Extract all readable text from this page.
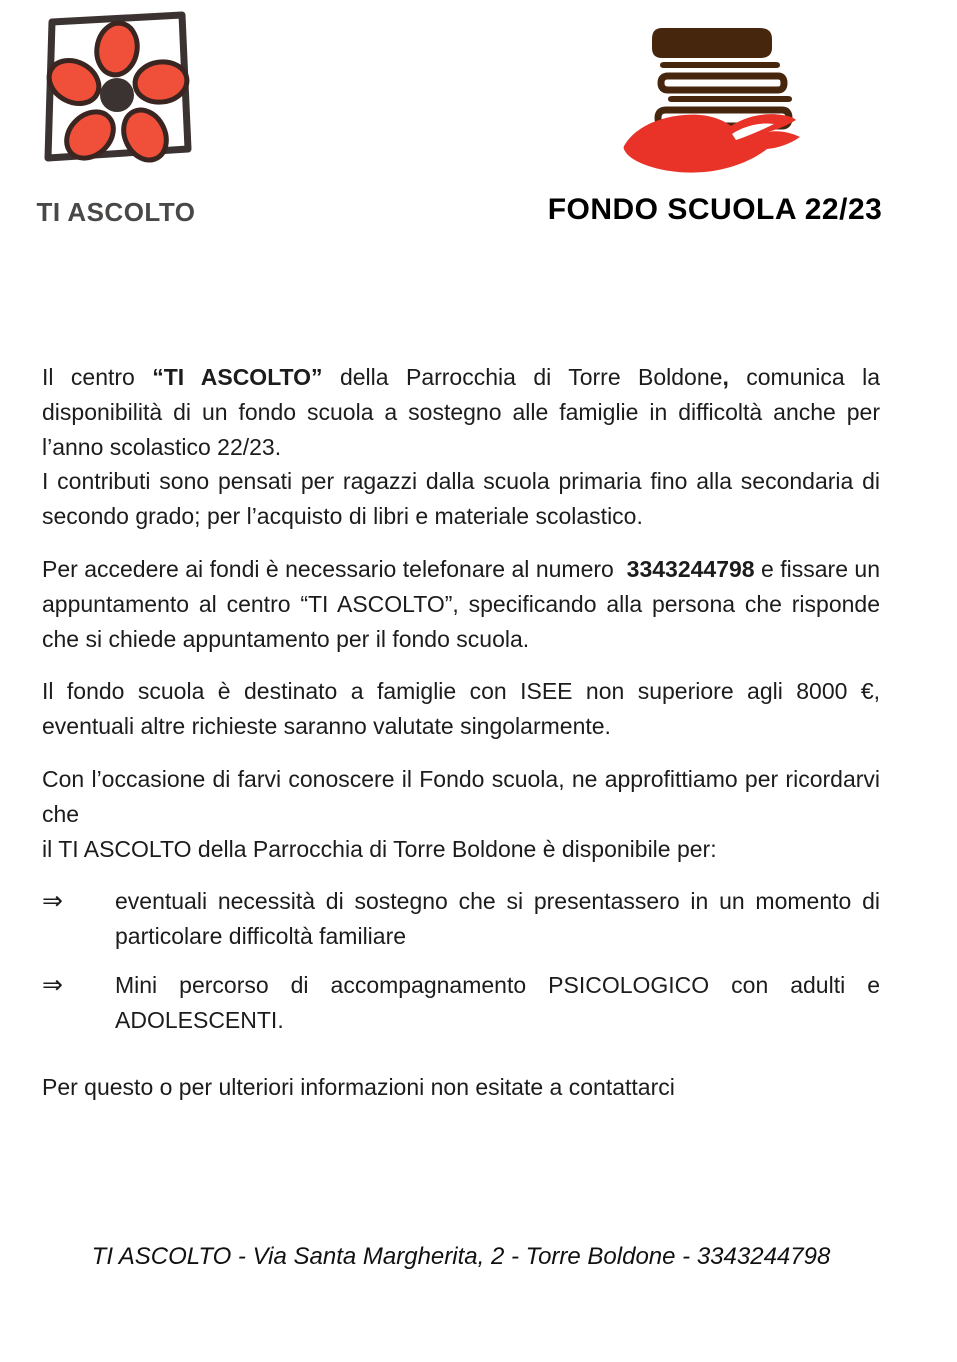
TI ASCOLTO	FONDO SCUOLA 22/23

Il centro “TI ASCOLTO” della Parrocchia di Torre Boldone, comunica la disponibilità di un fondo scuola a sostegno alle famiglie in difficoltà anche per l’anno scolastico 22/23.

I contributi sono pensati per ragazzi dalla scuola primaria fino alla secondaria di secondo grado; per l’acquisto di libri e materiale scolastico.

Per accedere ai fondi è necessario telefonare al numero  3343244798 e fissare un appuntamento al centro “TI ASCOLTO”, specificando alla persona che risponde che si chiede appuntamento per il fondo scuola.

Il fondo scuola è destinato a famiglie con ISEE non superiore agli 8000 €, eventuali altre richieste saranno valutate singolarmente.

Con l’occasione di farvi conoscere il Fondo scuola, ne approfittiamo per ricordarvi che

il TI ASCOLTO della Parrocchia di Torre Boldone è disponibile per:

⇒	eventuali necessità di sostegno che si presentassero in un momento di particolare difficoltà familiare
⇒	Mini percorso di accompagnamento PSICOLOGICO con adulti e ADOLESCENTI.

Per questo o per ulteriori informazioni non esitate a contattarci

TI ASCOLTO - Via Santa Margherita, 2 - Torre Boldone - 3343244798
